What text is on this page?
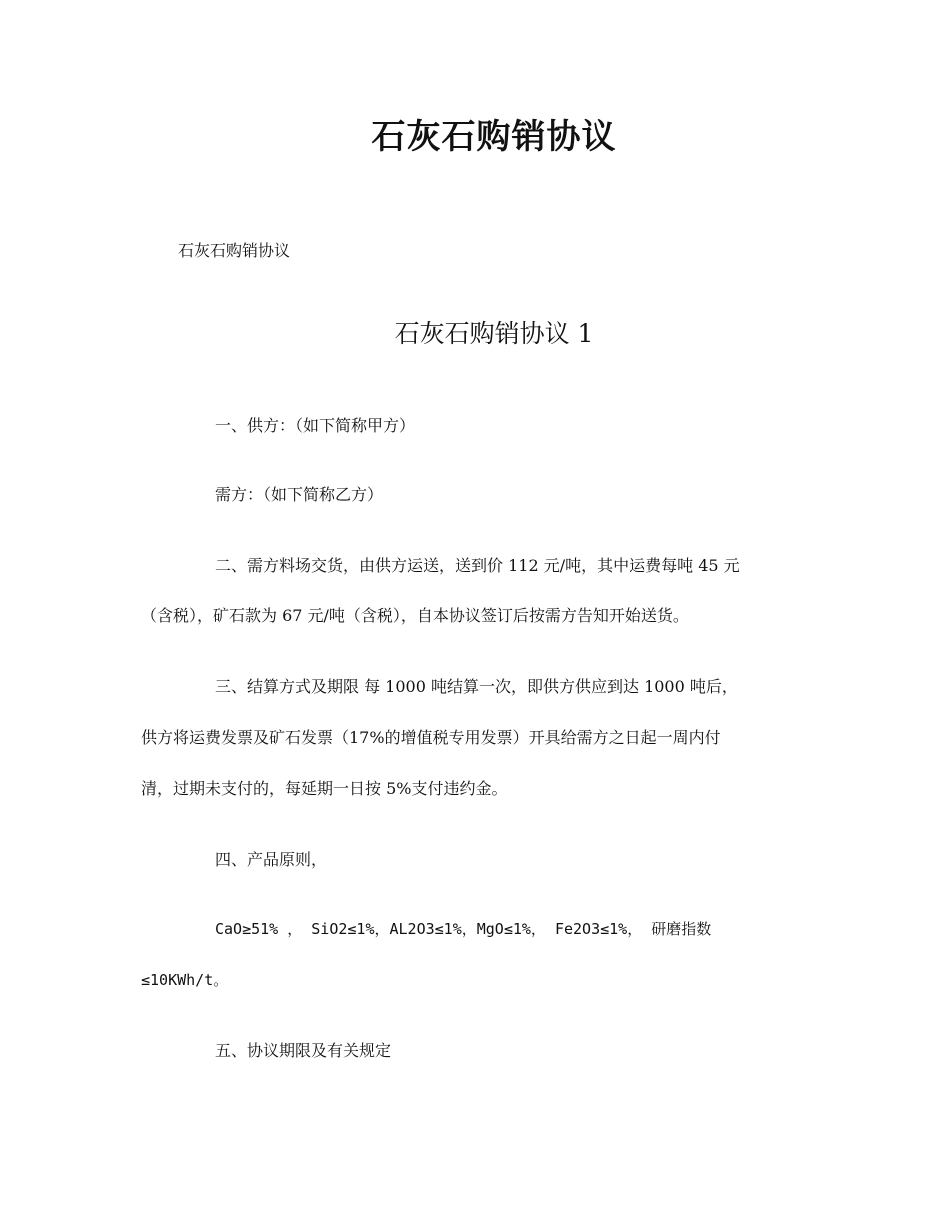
石灰石购销协议
石灰石购销协议
石灰石购销协议 1
一、供方：（如下简称甲方）
需方：（如下简称乙方）
二、需方料场交货，由供方运送，送到价 112 元/吨，其中运费每吨 45 元
（含税），矿石款为 67 元/吨（含税），自本协议签订后按需方告知开始送货。
三、结算方式及期限 每 1000 吨结算一次，即供方供应到达 1000 吨后，
供方将运费发票及矿石发票（17%的增值税专用发票）开具给需方之日起一周内付
清，过期未支付的，每延期一日按 5%支付违约金。
四、产品原则，
CaO≥51% ， SiO2≤1%，AL2O3≤1%，MgO≤1%， Fe2O3≤1%， 研磨指数
≤10KWh/t。
五、协议期限及有关规定
